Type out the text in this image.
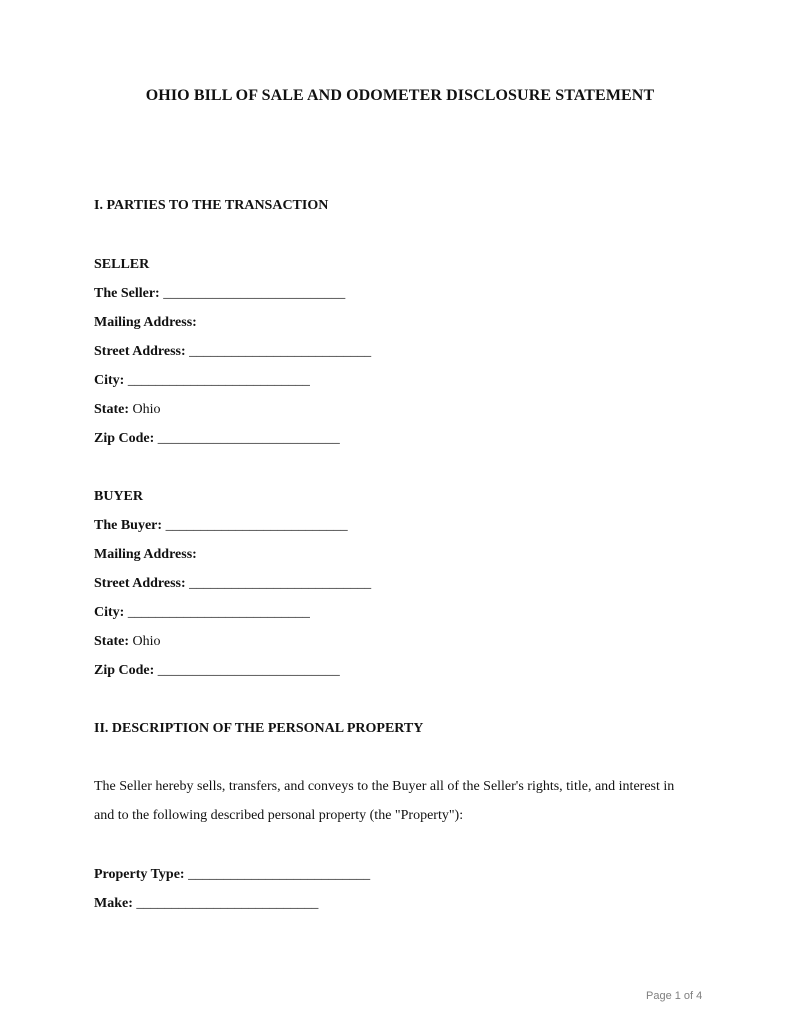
OHIO BILL OF SALE AND ODOMETER DISCLOSURE STATEMENT
I. PARTIES TO THE TRANSACTION
SELLER
The Seller: __________________________
Mailing Address:
Street Address: __________________________
City: __________________________
State: Ohio
Zip Code: __________________________
BUYER
The Buyer: __________________________
Mailing Address:
Street Address: __________________________
City: __________________________
State: Ohio
Zip Code: __________________________
II. DESCRIPTION OF THE PERSONAL PROPERTY
The Seller hereby sells, transfers, and conveys to the Buyer all of the Seller's rights, title, and interest in
and to the following described personal property (the "Property"):
Property Type: __________________________
Make: __________________________
Page 1 of 4
